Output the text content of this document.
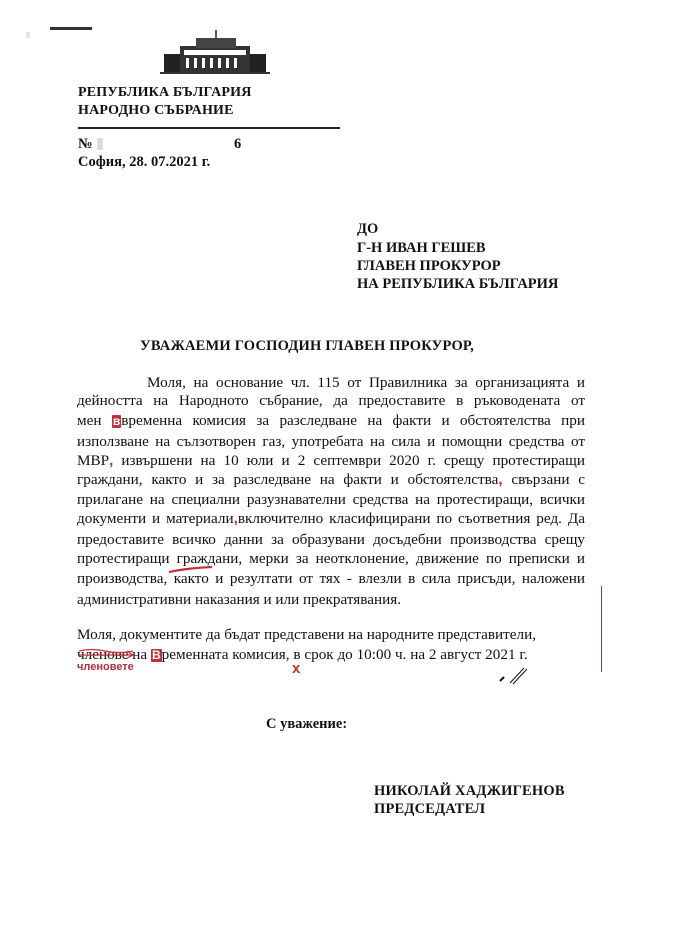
РЕПУБЛИКА БЪЛГАРИЯ
НАРОДНО СЪБРАНИЕ
№	6
София, 28. 07.2021 г.
ДО
Г-Н ИВАН ГЕШЕВ
ГЛАВЕН ПРОКУРОР
НА РЕПУБЛИКА БЪЛГАРИЯ
УВАЖАЕМИ ГОСПОДИН ГЛАВЕН ПРОКУРОР,
Моля, на основание чл. 115 от Правилника за организацията и
дейността на Народното събрание, да предоставите в ръководената от
мен ввременна комисия за разследване на факти и обстоятелства при
използване на сълзотворен газ, употребата на сила и помощни средства от
МВР, извършени на 10 юли и 2 септември 2020 г. срещу протестиращи
граждани, както и за разследване на факти и обстоятелства, свързани с
прилагане на специални разузнавателни средства на протестиращи, всички
документи и материали,включително класифицирани по съответния ред. Да
предоставите всичко данни за образувани досъдебни производства срещу
протестиращи граждани, мерки за неотклонение, движение по преписки и
производства, както и резултати от тях - влезли в сила присъди, наложени
административни наказания и или прекратявания.
Моля, документите да бъдат представени на народните представители,
членове на Временната комисия, в срок до 10:00 ч. на 2 август 2021 г.
членовете	x
С уважение:
НИКОЛАЙ ХАДЖИГЕНОВ
ПРЕДСЕДАТЕЛ
